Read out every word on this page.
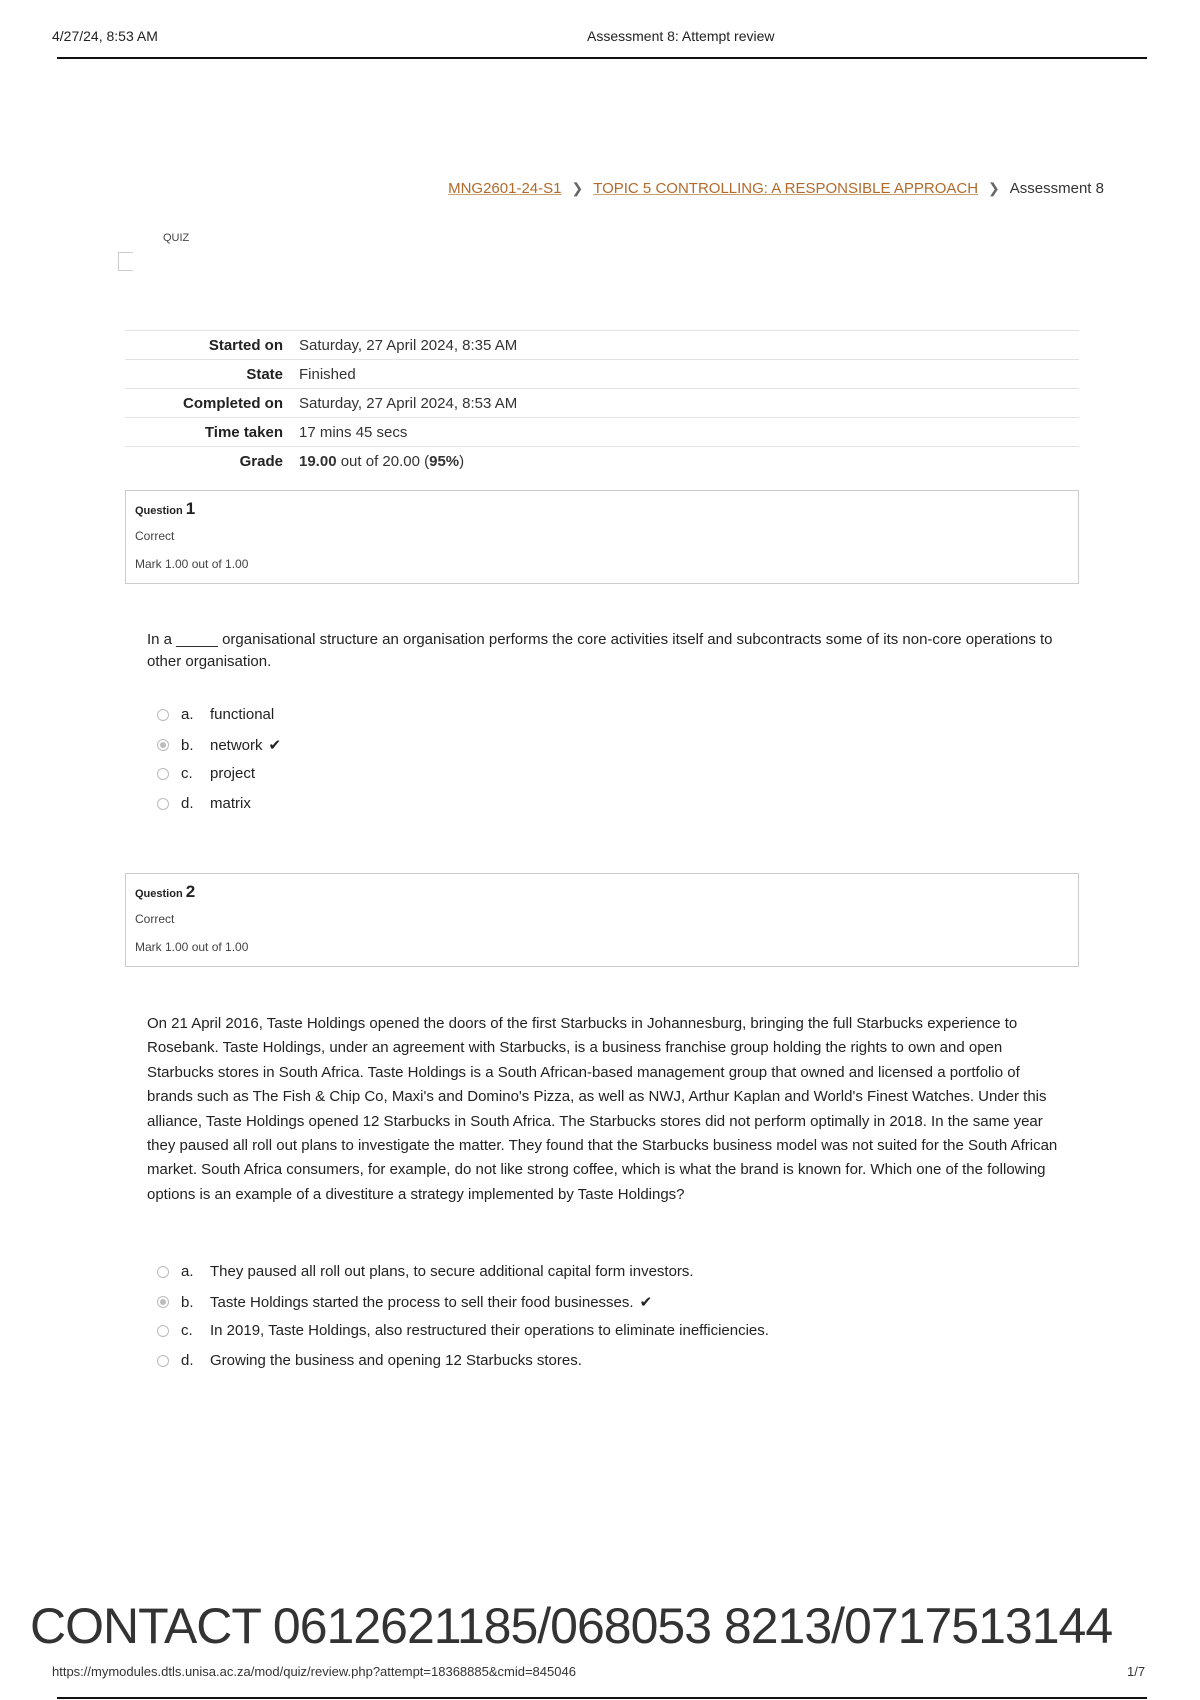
4/27/24, 8:53 AM	Assessment 8: Attempt review
MNG2601-24-S1 ❯ TOPIC 5 CONTROLLING: A RESPONSIBLE APPROACH ❯ Assessment 8
QUIZ
Started on	Saturday, 27 April 2024, 8:35 AM
State	Finished
Completed on	Saturday, 27 April 2024, 8:53 AM
Time taken	17 mins 45 secs
Grade	19.00 out of 20.00 (95%)
Question 1
Correct
Mark 1.00 out of 1.00
In a _____ organisational structure an organisation performs the core activities itself and subcontracts some of its non-core operations to other organisation.
a.	functional
b.	network ✔
c.	project
d.	matrix
Question 2
Correct
Mark 1.00 out of 1.00
On 21 April 2016, Taste Holdings opened the doors of the first Starbucks in Johannesburg, bringing the full Starbucks experience to Rosebank. Taste Holdings, under an agreement with Starbucks, is a business franchise group holding the rights to own and open Starbucks stores in South Africa. Taste Holdings is a South African-based management group that owned and licensed a portfolio of brands such as The Fish & Chip Co, Maxi's and Domino's Pizza, as well as NWJ, Arthur Kaplan and World's Finest Watches. Under this alliance, Taste Holdings opened 12 Starbucks in South Africa. The Starbucks stores did not perform optimally in 2018. In the same year they paused all roll out plans to investigate the matter. They found that the Starbucks business model was not suited for the South African market. South Africa consumers, for example, do not like strong coffee, which is what the brand is known for. Which one of the following options is an example of a divestiture a strategy implemented by Taste Holdings?
a.	They paused all roll out plans, to secure additional capital form investors.
b.	Taste Holdings started the process to sell their food businesses. ✔
c.	In 2019, Taste Holdings, also restructured their operations to eliminate inefficiencies.
d.	Growing the business and opening 12 Starbucks stores.
CONTACT 0612621185/068053 8213/0717513144
https://mymodules.dtls.unisa.ac.za/mod/quiz/review.php?attempt=18368885&cmid=845046	1/7
